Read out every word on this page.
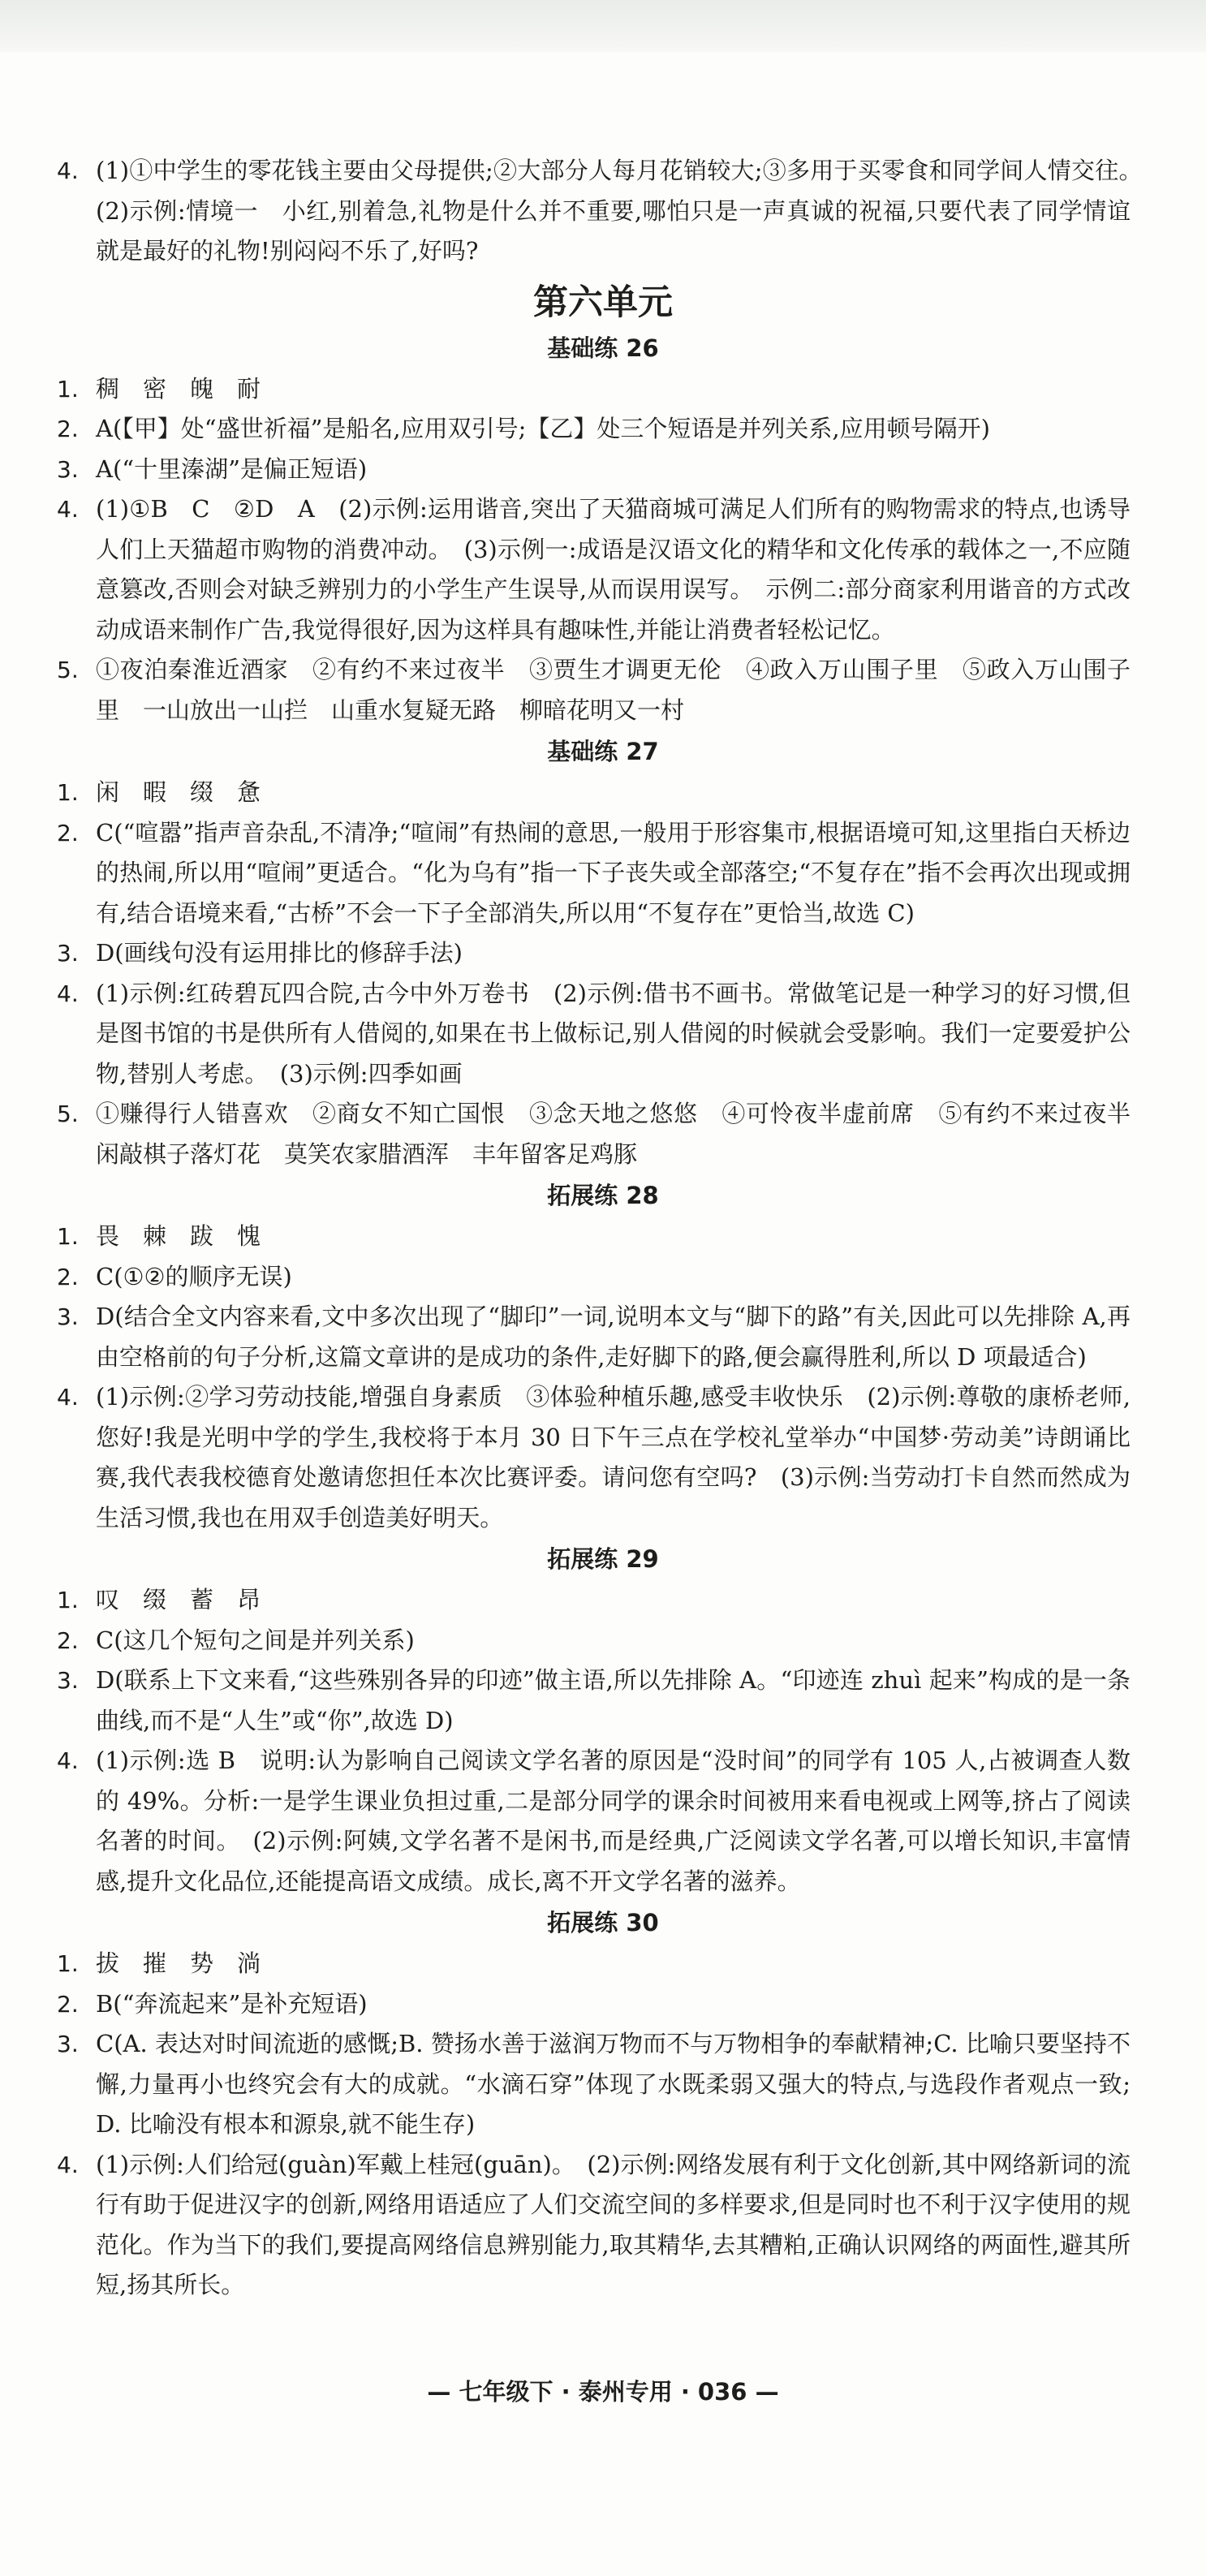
4. (1)①中学生的零花钱主要由父母提供;②大部分人每月花销较大;③多用于买零食和同学间人情交往。　(2)示例:情境一　小红,别着急,礼物是什么并不重要,哪怕只是一声真诚的祝福,只要代表了同学情谊就是最好的礼物!别闷闷不乐了,好吗?
第六单元
基础练 26
1. 稠　密　魄　耐
2. A(【甲】处“盛世祈福”是船名,应用双引号;【乙】处三个短语是并列关系,应用顿号隔开)
3. A(“十里溱湖”是偏正短语)
4. (1)①B　C　②D　A　(2)示例:运用谐音,突出了天猫商城可满足人们所有的购物需求的特点,也诱导人们上天猫超市购物的消费冲动。　(3)示例一:成语是汉语文化的精华和文化传承的载体之一,不应随意篡改,否则会对缺乏辨别力的小学生产生误导,从而误用误写。　示例二:部分商家利用谐音的方式改动成语来制作广告,我觉得很好,因为这样具有趣味性,并能让消费者轻松记忆。
5. ①夜泊秦淮近酒家　②有约不来过夜半　③贾生才调更无伦　④政入万山围子里　⑤政入万山围子里　一山放出一山拦　山重水复疑无路　柳暗花明又一村
基础练 27
1. 闲　暇　缀　惫
2. C(“喧嚣”指声音杂乱,不清净;“喧闹”有热闹的意思,一般用于形容集市,根据语境可知,这里指白天桥边的热闹,所以用“喧闹”更适合。“化为乌有”指一下子丧失或全部落空;“不复存在”指不会再次出现或拥有,结合语境来看,“古桥”不会一下子全部消失,所以用“不复存在”更恰当,故选 C)
3. D(画线句没有运用排比的修辞手法)
4. (1)示例:红砖碧瓦四合院,古今中外万卷书　(2)示例:借书不画书。常做笔记是一种学习的好习惯,但是图书馆的书是供所有人借阅的,如果在书上做标记,别人借阅的时候就会受影响。我们一定要爱护公物,替别人考虑。　(3)示例:四季如画
5. ①赚得行人错喜欢　②商女不知亡国恨　③念天地之悠悠　④可怜夜半虚前席　⑤有约不来过夜半　闲敲棋子落灯花　莫笑农家腊酒浑　丰年留客足鸡豚
拓展练 28
1. 畏　棘　跋　愧
2. C(①②的顺序无误)
3. D(结合全文内容来看,文中多次出现了“脚印”一词,说明本文与“脚下的路”有关,因此可以先排除 A,再由空格前的句子分析,这篇文章讲的是成功的条件,走好脚下的路,便会赢得胜利,所以 D 项最适合)
4. (1)示例:②学习劳动技能,增强自身素质　③体验种植乐趣,感受丰收快乐　(2)示例:尊敬的康桥老师,您好!我是光明中学的学生,我校将于本月 30 日下午三点在学校礼堂举办“中国梦·劳动美”诗朗诵比赛,我代表我校德育处邀请您担任本次比赛评委。请问您有空吗?　(3)示例:当劳动打卡自然而然成为生活习惯,我也在用双手创造美好明天。
拓展练 29
1. 叹　缀　蓄　昂
2. C(这几个短句之间是并列关系)
3. D(联系上下文来看,“这些殊别各异的印迹”做主语,所以先排除 A。“印迹连 zhuì 起来”构成的是一条曲线,而不是“人生”或“你”,故选 D)
4. (1)示例:选 B　说明:认为影响自己阅读文学名著的原因是“没时间”的同学有 105 人,占被调查人数的 49%。分析:一是学生课业负担过重,二是部分同学的课余时间被用来看电视或上网等,挤占了阅读名著的时间。　(2)示例:阿姨,文学名著不是闲书,而是经典,广泛阅读文学名著,可以增长知识,丰富情感,提升文化品位,还能提高语文成绩。成长,离不开文学名著的滋养。
拓展练 30
1. 拔　摧　势　淌
2. B(“奔流起来”是补充短语)
3. C(A. 表达对时间流逝的感慨;B. 赞扬水善于滋润万物而不与万物相争的奉献精神;C. 比喻只要坚持不懈,力量再小也终究会有大的成就。“水滴石穿”体现了水既柔弱又强大的特点,与选段作者观点一致;D. 比喻没有根本和源泉,就不能生存)
4. (1)示例:人们给冠(guàn)军戴上桂冠(guān)。　(2)示例:网络发展有利于文化创新,其中网络新词的流行有助于促进汉字的创新,网络用语适应了人们交流空间的多样要求,但是同时也不利于汉字使用的规范化。作为当下的我们,要提高网络信息辨别能力,取其精华,去其糟粕,正确认识网络的两面性,避其所短,扬其所长。
— 七年级下 · 泰州专用 · 036 —
